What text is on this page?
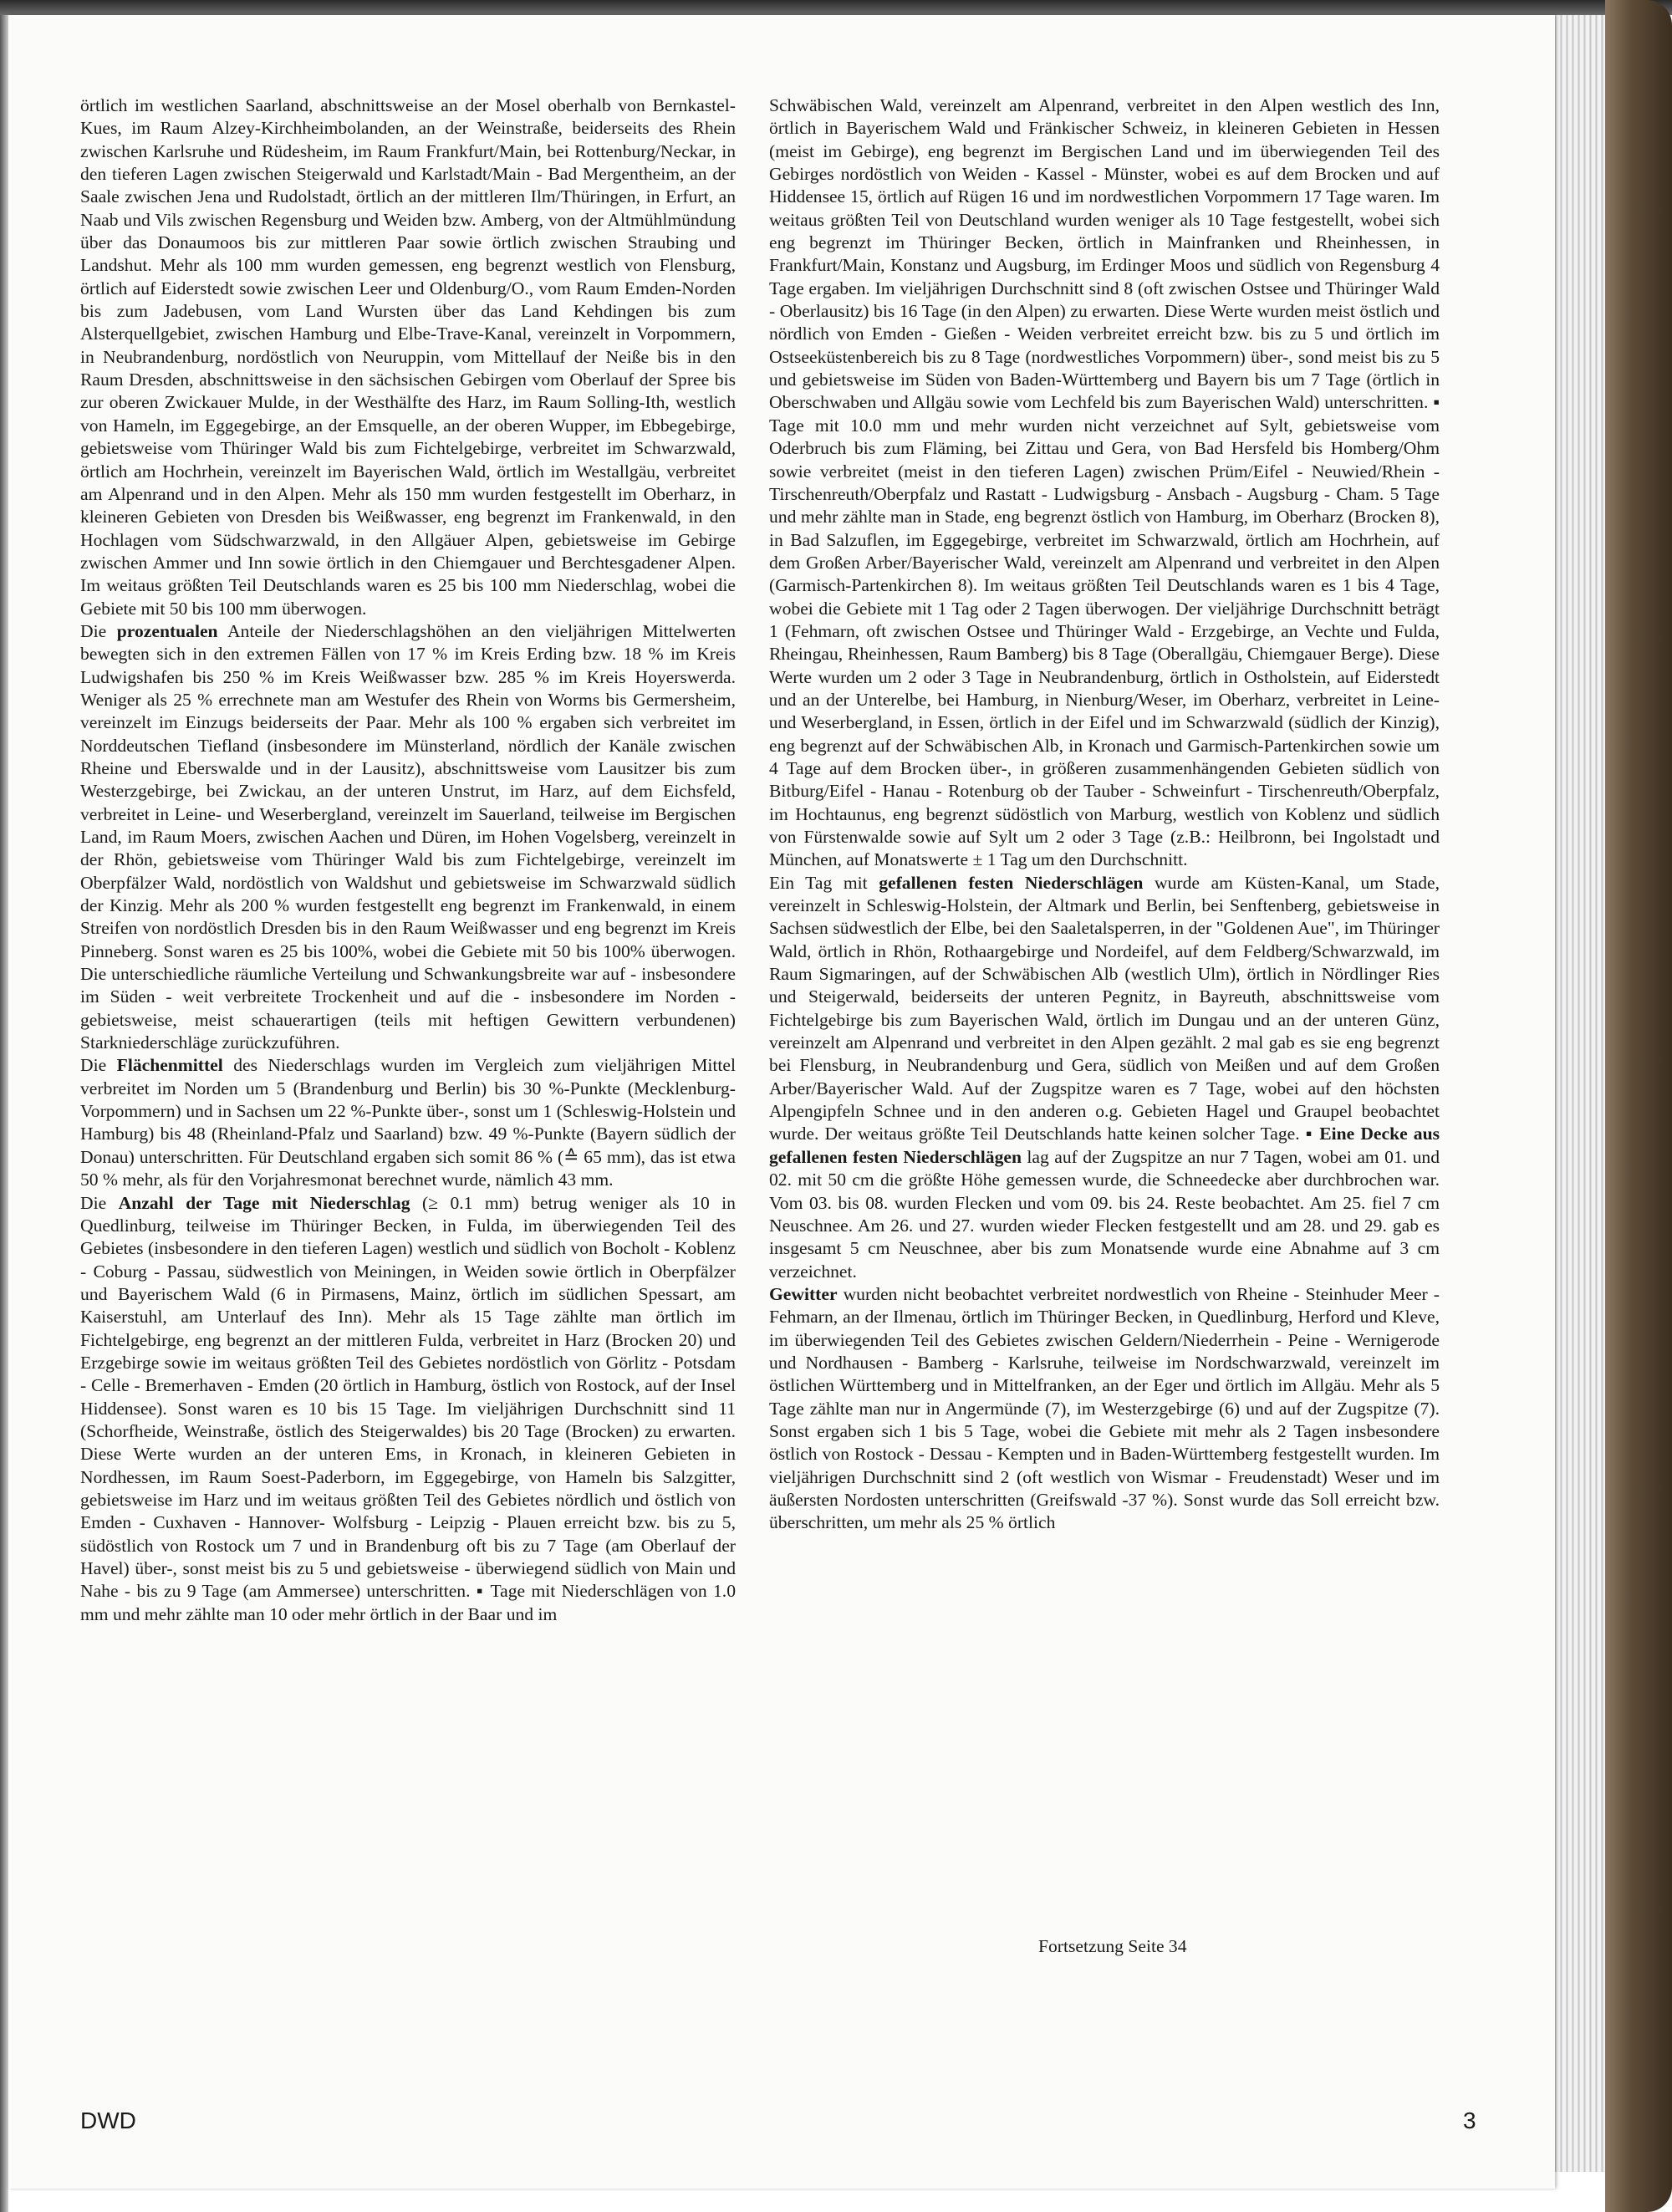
örtlich im westlichen Saarland, abschnittsweise an der Mosel oberhalb von Bernkastel-Kues, im Raum Alzey-Kirchheimbolanden, an der Weinstraße, beiderseits des Rhein zwischen Karlsruhe und Rüdesheim, im Raum Frankfurt/Main, bei Rottenburg/Neckar, in den tieferen Lagen zwischen Steigerwald und Karlstadt/Main - Bad Mergentheim, an der Saale zwischen Jena und Rudolstadt, örtlich an der mittleren Ilm/Thüringen, in Erfurt, an Naab und Vils zwischen Regensburg und Weiden bzw. Amberg, von der Altmühlmündung über das Donaumoos bis zur mittleren Paar sowie örtlich zwischen Straubing und Landshut. Mehr als 100 mm wurden gemessen, eng begrenzt westlich von Flensburg, örtlich auf Eiderstedt sowie zwischen Leer und Oldenburg/O., vom Raum Emden-Norden bis zum Jadebusen, vom Land Wursten über das Land Kehdingen bis zum Alsterquellgebiet, zwischen Hamburg und Elbe-Trave-Kanal, vereinzelt in Vorpommern, in Neubrandenburg, nordöstlich von Neuruppin, vom Mittellauf der Neiße bis in den Raum Dresden, abschnittsweise in den sächsischen Gebirgen vom Oberlauf der Spree bis zur oberen Zwickauer Mulde, in der Westhälfte des Harz, im Raum Solling-Ith, westlich von Hameln, im Eggegebirge, an der Emsquelle, an der oberen Wupper, im Ebbegebirge, gebietsweise vom Thüringer Wald bis zum Fichtelgebirge, verbreitet im Schwarzwald, örtlich am Hochrhein, vereinzelt im Bayerischen Wald, örtlich im Westallgäu, verbreitet am Alpenrand und in den Alpen. Mehr als 150 mm wurden festgestellt im Oberharz, in kleineren Gebieten von Dresden bis Weißwasser, eng begrenzt im Frankenwald, in den Hochlagen vom Südschwarzwald, in den Allgäuer Alpen, gebietsweise im Gebirge zwischen Ammer und Inn sowie örtlich in den Chiemgauer und Berchtesgadener Alpen. Im weitaus größten Teil Deutschlands waren es 25 bis 100 mm Niederschlag, wobei die Gebiete mit 50 bis 100 mm überwogen.

Die prozentualen Anteile der Niederschlagshöhen an den vieljährigen Mittelwerten bewegten sich in den extremen Fällen von 17 % im Kreis Erding bzw. 18 % im Kreis Ludwigshafen bis 250 % im Kreis Weißwasser bzw. 285 % im Kreis Hoyerswerda. Weniger als 25 % errechnete man am Westufer des Rhein von Worms bis Germersheim, vereinzelt im Einzugs beiderseits der Paar. Mehr als 100 % ergaben sich verbreitet im Norddeutschen Tiefland (insbesondere im Münsterland, nördlich der Kanäle zwischen Rheine und Eberswalde und in der Lausitz), abschnittsweise vom Lausitzer bis zum Westerzgebirge, bei Zwickau, an der unteren Unstrut, im Harz, auf dem Eichsfeld, verbreitet in Leine- und Weserbergland, vereinzelt im Sauerland, teilweise im Bergischen Land, im Raum Moers, zwischen Aachen und Düren, im Hohen Vogelsberg, vereinzelt in der Rhön, gebietsweise vom Thüringer Wald bis zum Fichtelgebirge, vereinzelt im Oberpfälzer Wald, nordöstlich von Waldshut und gebietsweise im Schwarzwald südlich der Kinzig. Mehr als 200 % wurden festgestellt eng begrenzt im Frankenwald, in einem Streifen von nordöstlich Dresden bis in den Raum Weißwasser und eng begrenzt im Kreis Pinneberg. Sonst waren es 25 bis 100%, wobei die Gebiete mit 50 bis 100% überwogen. Die unterschiedliche räumliche Verteilung und Schwankungsbreite war auf - insbesondere im Süden - weit verbreitete Trockenheit und auf die - insbesondere im Norden - gebietsweise, meist schauerartigen (teils mit heftigen Gewittern verbundenen) Starkniederschläge zurückzuführen.

Die Flächenmittel des Niederschlags wurden im Vergleich zum vieljährigen Mittel verbreitet im Norden um 5 (Brandenburg und Berlin) bis 30 %-Punkte (Mecklenburg-Vorpommern) und in Sachsen um 22 %-Punkte über-, sonst um 1 (Schleswig-Holstein und Hamburg) bis 48 (Rheinland-Pfalz und Saarland) bzw. 49 %-Punkte (Bayern südlich der Donau) unterschritten. Für Deutschland ergaben sich somit 86 % (≙ 65 mm), das ist etwa 50 % mehr, als für den Vorjahresmonat berechnet wurde, nämlich 43 mm.

Die Anzahl der Tage mit Niederschlag (≥ 0.1 mm) betrug weniger als 10 in Quedlinburg, teilweise im Thüringer Becken, in Fulda, im überwiegenden Teil des Gebietes (insbesondere in den tieferen Lagen) westlich und südlich von Bocholt - Koblenz - Coburg - Passau, südwestlich von Meiningen, in Weiden sowie örtlich in Oberpfälzer und Bayerischem Wald (6 in Pirmasens, Mainz, örtlich im südlichen Spessart, am Kaiserstuhl, am Unterlauf des Inn). Mehr als 15 Tage zählte man örtlich im Fichtelgebirge, eng begrenzt an der mittleren Fulda, verbreitet in Harz (Brocken 20) und Erzgebirge sowie im weitaus größten Teil des Gebietes nordöstlich von Görlitz - Potsdam - Celle - Bremerhaven - Emden (20 örtlich in Hamburg, östlich von Rostock, auf der Insel Hiddensee). Sonst waren es 10 bis 15 Tage. Im vieljährigen Durchschnitt sind 11 (Schorfheide, Weinstraße, östlich des Steigerwaldes) bis 20 Tage (Brocken) zu erwarten. Diese Werte wurden an der unteren Ems, in Kronach, in kleineren Gebieten in Nordhessen, im Raum Soest-Paderborn, im Eggegebirge, von Hameln bis Salzgitter, gebietsweise im Harz und im weitaus größten Teil des Gebietes nördlich und östlich von Emden - Cuxhaven - Hannover- Wolfsburg - Leipzig - Plauen erreicht bzw. bis zu 5, südöstlich von Rostock um 7 und in Brandenburg oft bis zu 7 Tage (am Oberlauf der Havel) über-, sonst meist bis zu 5 und gebietsweise - überwiegend südlich von Main und Nahe - bis zu 9 Tage (am Ammersee) unterschritten. ▪ Tage mit Niederschlägen von 1.0 mm und mehr zählte man 10 oder mehr örtlich in der Baar und im

Schwäbischen Wald, vereinzelt am Alpenrand, verbreitet in den Alpen westlich des Inn, örtlich in Bayerischem Wald und Fränkischer Schweiz, in kleineren Gebieten in Hessen (meist im Gebirge), eng begrenzt im Bergischen Land und im überwiegenden Teil des Gebirges nordöstlich von Weiden - Kassel - Münster, wobei es auf dem Brocken und auf Hiddensee 15, örtlich auf Rügen 16 und im nordwestlichen Vorpommern 17 Tage waren. Im weitaus größten Teil von Deutschland wurden weniger als 10 Tage festgestellt, wobei sich eng begrenzt im Thüringer Becken, örtlich in Mainfranken und Rheinhessen, in Frankfurt/Main, Konstanz und Augsburg, im Erdinger Moos und südlich von Regensburg 4 Tage ergaben. Im vieljährigen Durchschnitt sind 8 (oft zwischen Ostsee und Thüringer Wald - Oberlausitz) bis 16 Tage (in den Alpen) zu erwarten. Diese Werte wurden meist östlich und nördlich von Emden - Gießen - Weiden verbreitet erreicht bzw. bis zu 5 und örtlich im Ostseeküstenbereich bis zu 8 Tage (nordwestliches Vorpommern) über-, sond meist bis zu 5 und gebietsweise im Süden von Baden-Württemberg und Bayern bis um 7 Tage (örtlich in Oberschwaben und Allgäu sowie vom Lechfeld bis zum Bayerischen Wald) unterschritten. ▪ Tage mit 10.0 mm und mehr wurden nicht verzeichnet auf Sylt, gebietsweise vom Oderbruch bis zum Fläming, bei Zittau und Gera, von Bad Hersfeld bis Homberg/Ohm sowie verbreitet (meist in den tieferen Lagen) zwischen Prüm/Eifel - Neuwied/Rhein - Tirschenreuth/Oberpfalz und Rastatt - Ludwigsburg - Ansbach - Augsburg - Cham. 5 Tage und mehr zählte man in Stade, eng begrenzt östlich von Hamburg, im Oberharz (Brocken 8), in Bad Salzuflen, im Eggegebirge, verbreitet im Schwarzwald, örtlich am Hochrhein, auf dem Großen Arber/Bayerischer Wald, vereinzelt am Alpenrand und verbreitet in den Alpen (Garmisch-Partenkirchen 8). Im weitaus größten Teil Deutschlands waren es 1 bis 4 Tage, wobei die Gebiete mit 1 Tag oder 2 Tagen überwogen. Der vieljährige Durchschnitt beträgt 1 (Fehmarn, oft zwischen Ostsee und Thüringer Wald - Erzgebirge, an Vechte und Fulda, Rheingau, Rheinhessen, Raum Bamberg) bis 8 Tage (Oberallgäu, Chiemgauer Berge). Diese Werte wurden um 2 oder 3 Tage in Neubrandenburg, örtlich in Ostholstein, auf Eiderstedt und an der Unterelbe, bei Hamburg, in Nienburg/Weser, im Oberharz, verbreitet in Leine- und Weserbergland, in Essen, örtlich in der Eifel und im Schwarzwald (südlich der Kinzig), eng begrenzt auf der Schwäbischen Alb, in Kronach und Garmisch-Partenkirchen sowie um 4 Tage auf dem Brocken über-, in größeren zusammenhängenden Gebieten südlich von Bitburg/Eifel - Hanau - Rotenburg ob der Tauber - Schweinfurt - Tirschenreuth/Oberpfalz, im Hochtaunus, eng begrenzt südöstlich von Marburg, westlich von Koblenz und südlich von Fürstenwalde sowie auf Sylt um 2 oder 3 Tage (z.B.: Heilbronn, bei Ingolstadt und München, auf Monatswerte ± 1 Tag um den Durchschnitt.

Ein Tag mit gefallenen festen Niederschlägen wurde am Küsten-Kanal, um Stade, vereinzelt in Schleswig-Holstein, der Altmark und Berlin, bei Senftenberg, gebietsweise in Sachsen südwestlich der Elbe, bei den Saaletalsperren, in der "Goldenen Aue", im Thüringer Wald, örtlich in Rhön, Rothaargebirge und Nordeifel, auf dem Feldberg/Schwarzwald, im Raum Sigmaringen, auf der Schwäbischen Alb (westlich Ulm), örtlich in Nördlinger Ries und Steigerwald, beiderseits der unteren Pegnitz, in Bayreuth, abschnittsweise vom Fichtelgebirge bis zum Bayerischen Wald, örtlich im Dungau und an der unteren Günz, vereinzelt am Alpenrand und verbreitet in den Alpen gezählt. 2 mal gab es sie eng begrenzt bei Flensburg, in Neubrandenburg und Gera, südlich von Meißen und auf dem Großen Arber/Bayerischer Wald. Auf der Zugspitze waren es 7 Tage, wobei auf den höchsten Alpengipfeln Schnee und in den anderen o.g. Gebieten Hagel und Graupel beobachtet wurde. Der weitaus größte Teil Deutschlands hatte keinen solcher Tage. ▪ Eine Decke aus gefallenen festen Niederschlägen lag auf der Zugspitze an nur 7 Tagen, wobei am 01. und 02. mit 50 cm die größte Höhe gemessen wurde, die Schneedecke aber durchbrochen war. Vom 03. bis 08. wurden Flecken und vom 09. bis 24. Reste beobachtet. Am 25. fiel 7 cm Neuschnee. Am 26. und 27. wurden wieder Flecken festgestellt und am 28. und 29. gab es insgesamt 5 cm Neuschnee, aber bis zum Monatsende wurde eine Abnahme auf 3 cm verzeichnet.

Gewitter wurden nicht beobachtet verbreitet nordwestlich von Rheine - Steinhuder Meer - Fehmarn, an der Ilmenau, örtlich im Thüringer Becken, in Quedlinburg, Herford und Kleve, im überwiegenden Teil des Gebietes zwischen Geldern/Niederrhein - Peine - Wernigerode und Nordhausen - Bamberg - Karlsruhe, teilweise im Nordschwarzwald, vereinzelt im östlichen Württemberg und in Mittelfranken, an der Eger und örtlich im Allgäu. Mehr als 5 Tage zählte man nur in Angermünde (7), im Westerzgebirge (6) und auf der Zugspitze (7). Sonst ergaben sich 1 bis 5 Tage, wobei die Gebiete mit mehr als 2 Tagen insbesondere östlich von Rostock - Dessau - Kempten und in Baden-Württemberg festgestellt wurden. Im vieljährigen Durchschnitt sind 2 (oft westlich von Wismar - Freudenstadt) Weser und im äußersten Nordosten unterschritten (Greifswald -37 %). Sonst wurde das Soll erreicht bzw. überschritten, um mehr als 25 % örtlich

Fortsetzung Seite 34
DWD	3
